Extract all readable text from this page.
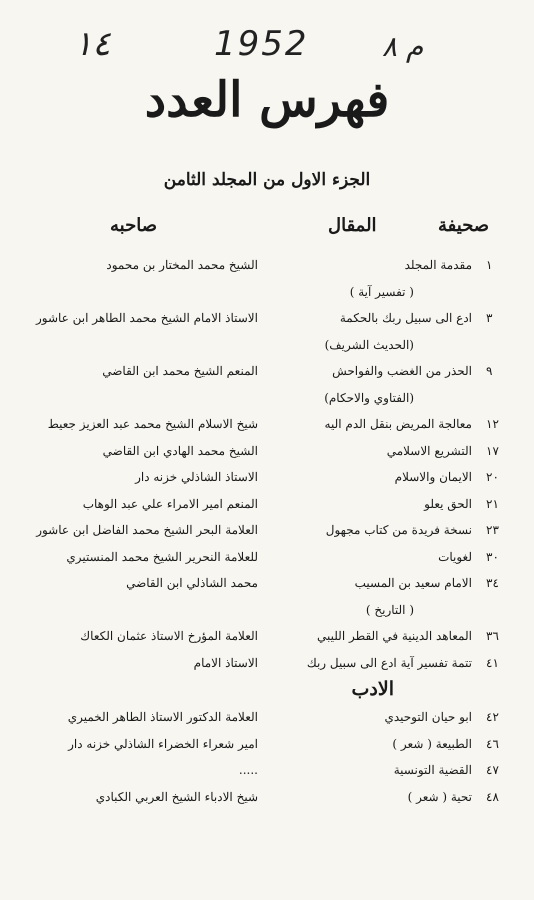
١٤	1952	م ٨
فهرس العدد
الجزء الاول من المجلد الثامن
صحيفة
المقال
صاحبه
١
مقدمة المجلد
الشيخ محمد المختار بن محمود
( تفسير آية )
٣
ادع الى سبيل ربك بالحكمة
الاستاذ الامام الشيخ محمد الطاهر ابن عاشور
(الحديث الشريف)
٩
الحذر من الغضب والفواحش
المنعم الشيخ محمد ابن القاضي
(الفتاوي والاحكام)
١٢
معالجة المريض بنقل الدم اليه
شيخ الاسلام الشيخ محمد عبد العزيز جعيط
١٧
التشريع الاسلامي
الشيخ محمد الهادي ابن القاضي
٢٠
الايمان والاسلام
الاستاذ الشاذلي خزنه دار
٢١
الحق يعلو
المنعم امير الامراء علي عبد الوهاب
٢٣
نسخة فريدة من كتاب مجهول
العلامة البحر الشيخ محمد الفاضل ابن عاشور
٣٠
لغويات
للعلامة النحرير الشيخ محمد المنستيري
٣٤
الامام سعيد بن المسيب
محمد الشاذلي ابن القاضي
( التاريخ )
٣٦
المعاهد الدينية في القطر الليبي
العلامة المؤرخ الاستاذ عثمان الكعاك
٤١
تتمة تفسير آية ادع الى سبيل ربك
الاستاذ الامام
الادب
٤٢
ابو حيان التوحيدي
العلامة الدكتور الاستاذ الطاهر الخميري
٤٦
الطبيعة ( شعر )
امير شعراء الخضراء الشاذلي خزنه دار
٤٧
القضية التونسية
.....
٤٨
تحية ( شعر )
شيخ الادباء الشيخ العربي الكبادي
